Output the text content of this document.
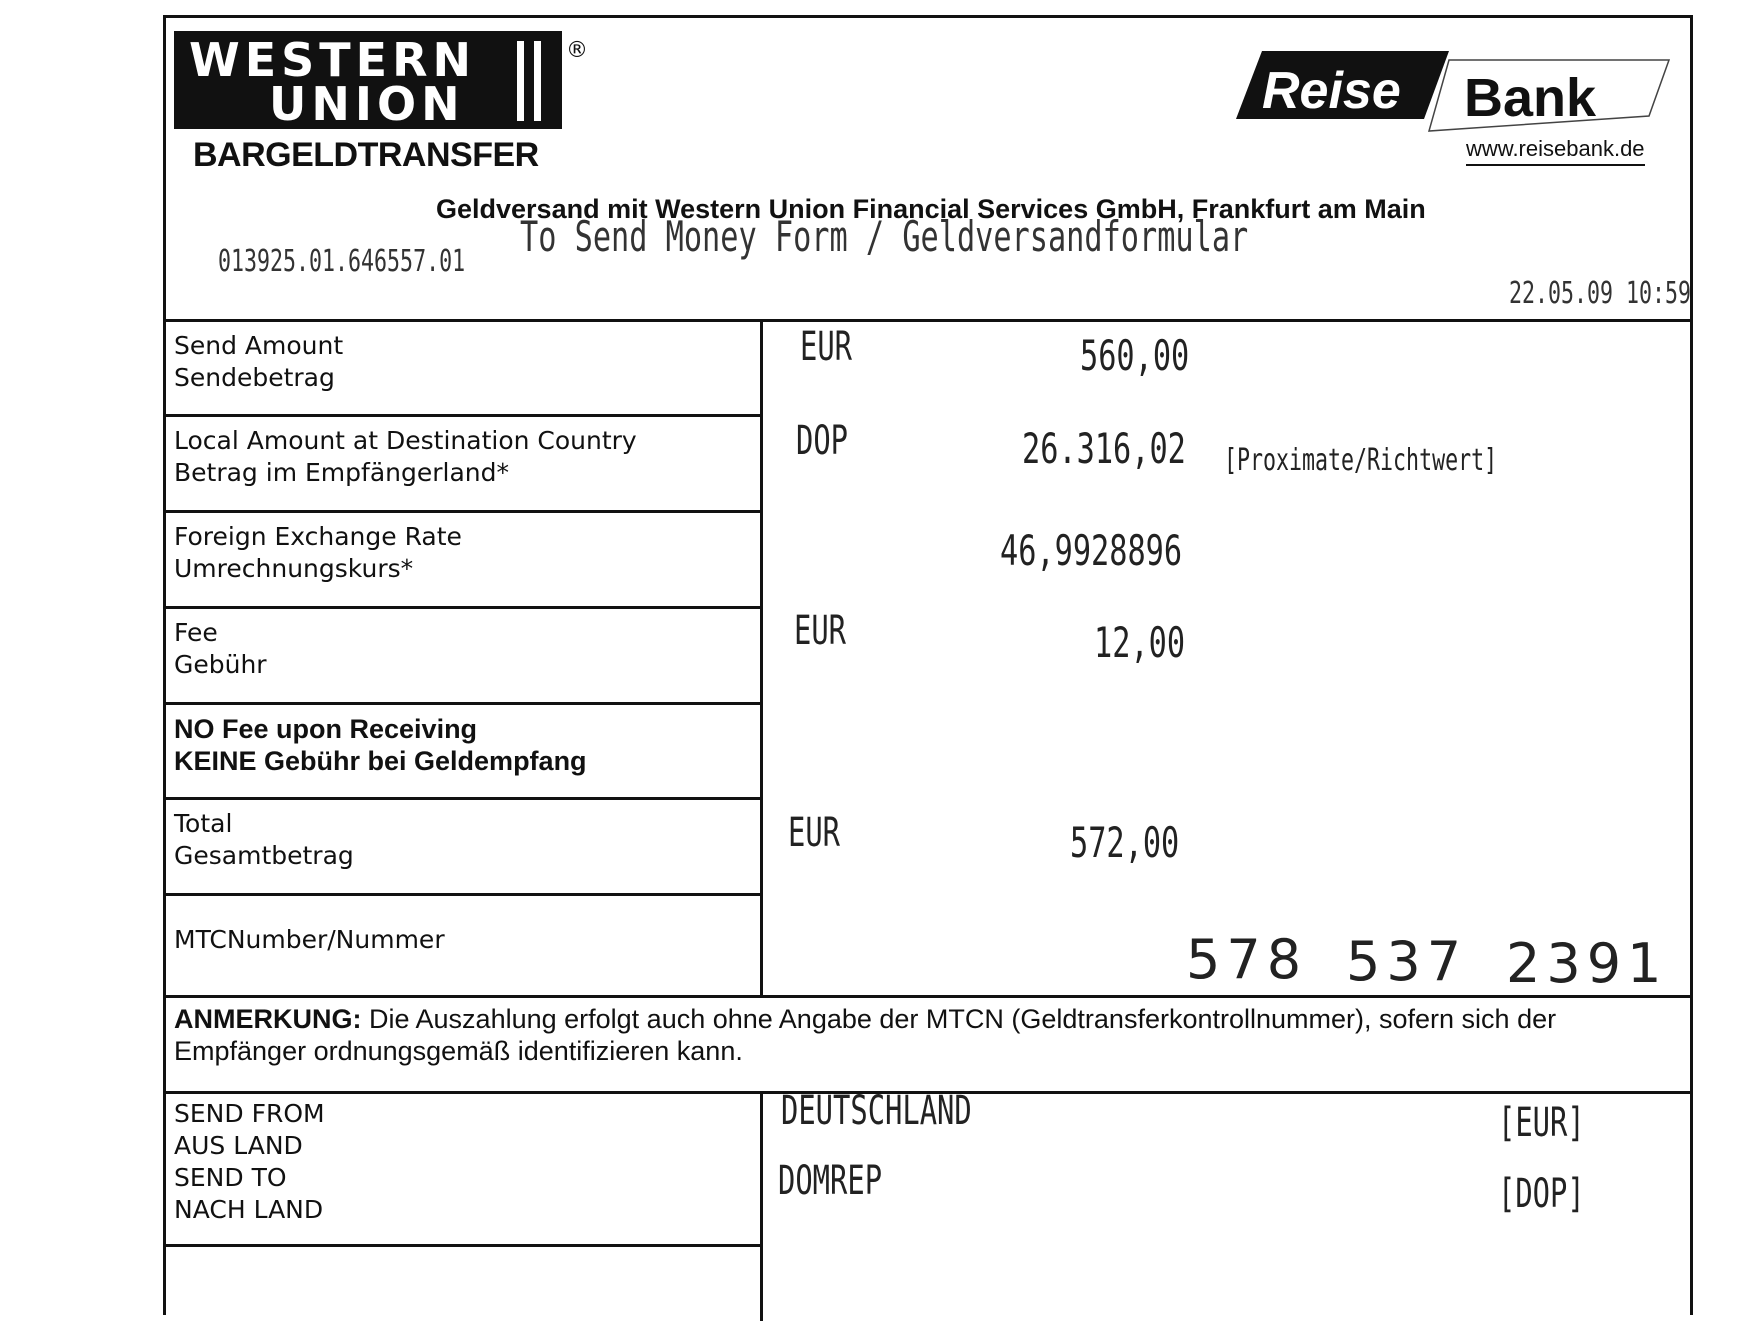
WESTERN
UNION
®
BARGELDTRANSFER
Reise Bank
www.reisebank.de
Geldversand mit Western Union Financial Services GmbH, Frankfurt am Main
To Send Money Form / Geldversandformular
013925.01.646557.01
22.05.09 10:59
Send Amount
Sendebetrag
EUR	560,00
Local Amount at Destination Country
Betrag im Empfängerland*
DOP	26.316,02 [Proximate/Richtwert]
Foreign Exchange Rate
Umrechnungskurs*	46,9928896
Fee
Gebühr
EUR	12,00
NO Fee upon Receiving
KEINE Gebühr bei Geldempfang
Total
Gesamtbetrag	EUR	572,00
MTCNumber/Nummer	578 537 2391
ANMERKUNG: Die Auszahlung erfolgt auch ohne Angabe der MTCN (Geldtransferkontrollnummer), sofern sich der Empfänger ordnungsgemäß identifizieren kann.
SEND FROM
AUS LAND
SEND TO
NACH LAND
DEUTSCHLAND	[EUR]
DOMREP	[DOP]
